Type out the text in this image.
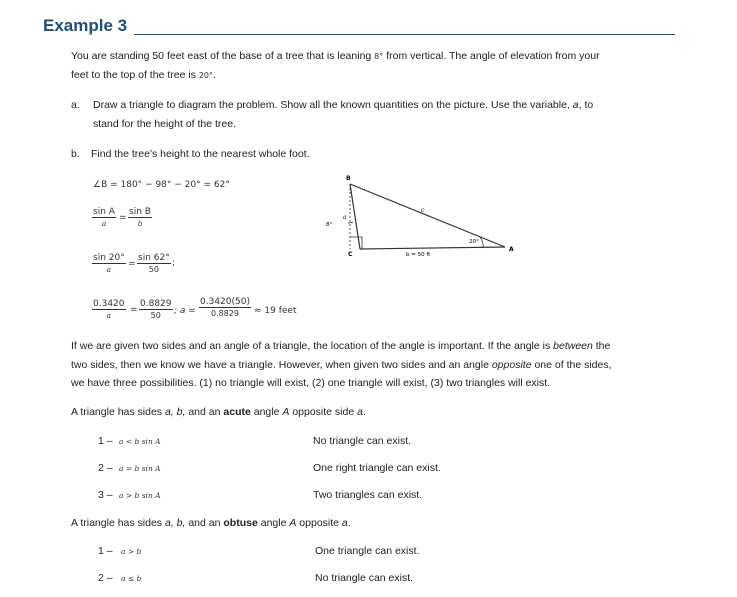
Example 3
You are standing 50 feet east of the base of a tree that is leaning 8° from vertical. The angle of elevation from your
feet to the top of the tree is 20°.
a. Draw a triangle to diagram the problem. Show all the known quantities on the picture. Use the variable, a, to
stand for the height of the tree.
b. Find the tree's height to the nearest whole foot.
∠B = 180° − 98° − 20° = 62°
sin A
a
=
sin B
b
sin 20°
a
= $\frac{\sin 62^\circ}{50}$ ;
0.3420
a
= $\frac{0.8829}{50}$ ; $a = \frac{0.3420(50)}{0.8829} \approx 19$ feet
B
a
c
C
A
8°
20°
b = 50 ft
If we are given two sides and an angle of a triangle, the location of the angle is important. If the angle is between the
two sides, then we know we have a triangle. However, when given two sides and an angle opposite one of the sides,
we have three possibilities. (1) no triangle will exist, (2) one triangle will exist, (3) two triangles will exist.
A triangle has sides a, b, and an acute angle A opposite side a.
1 – a < b sin A	No triangle can exist.
2 – a = b sin A	One right triangle can exist.
3 – a > b sin A	Two triangles can exist.
A triangle has sides a, b, and an obtuse angle A opposite a.
1 – a > b	One triangle can exist.
2 – a ≤ b	No triangle can exist.
